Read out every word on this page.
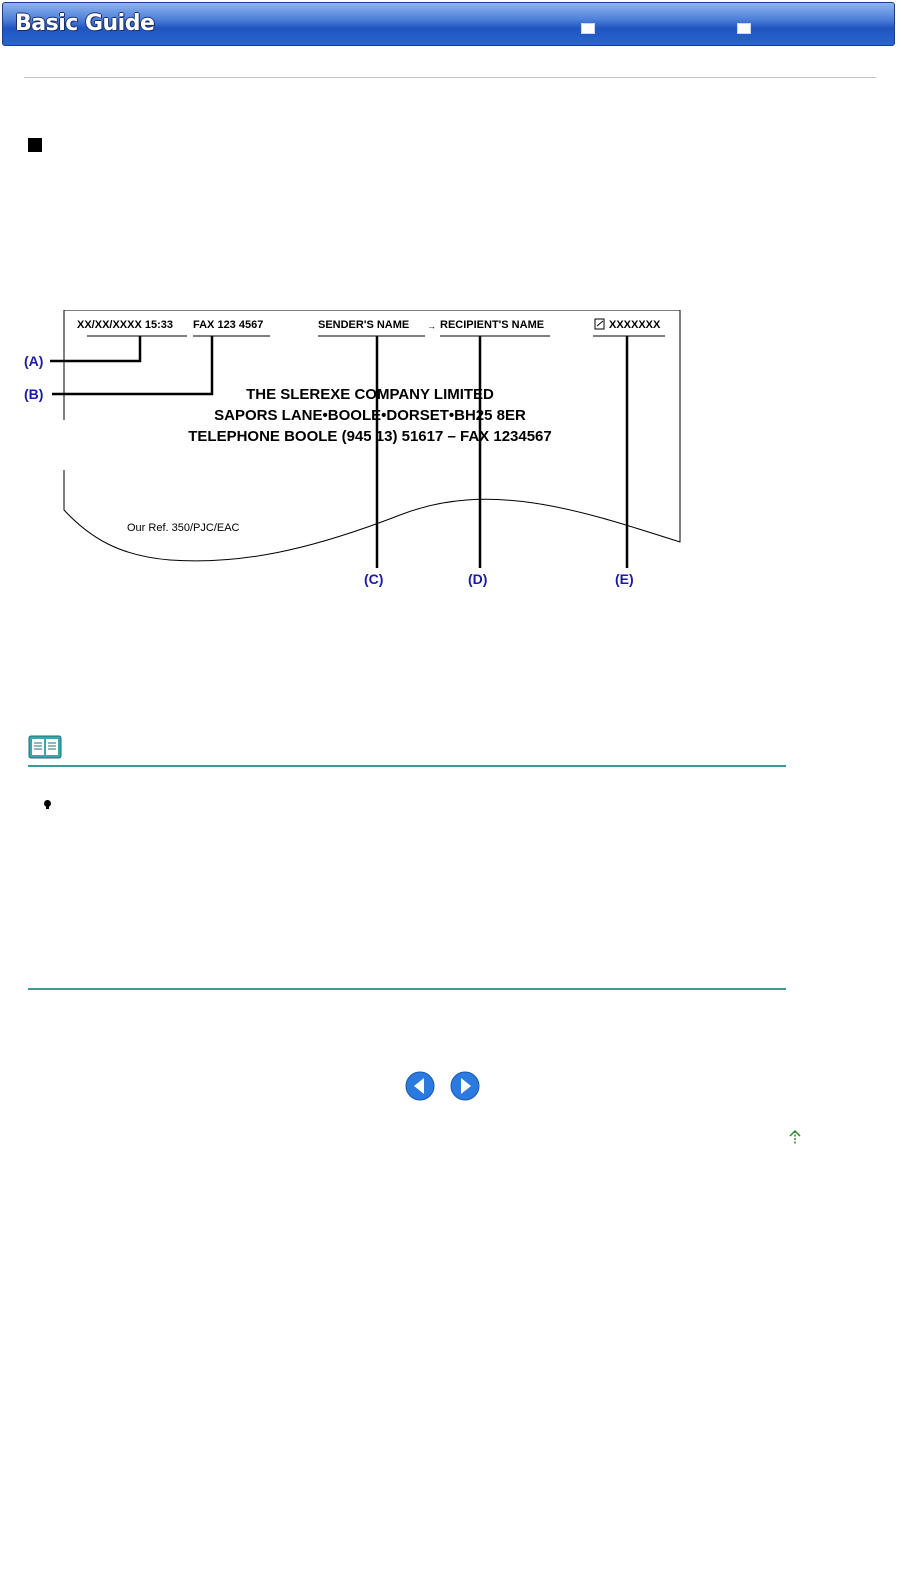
Basic Guide
XX/XX/XXXX 15:33 FAX 123 4567	SENDER'S NAME → RECIPIENT'S NAME	XXXXXXX
THE SLEREXE COMPANY LIMITED
SAPORS LANE•BOOLE•DORSET•BH25 8ER
TELEPHONE BOOLE (945 13) 51617 – FAX 1234567
Our Ref. 350/PJC/EAC
(A)
(B)
(C)	(D)	(E)
